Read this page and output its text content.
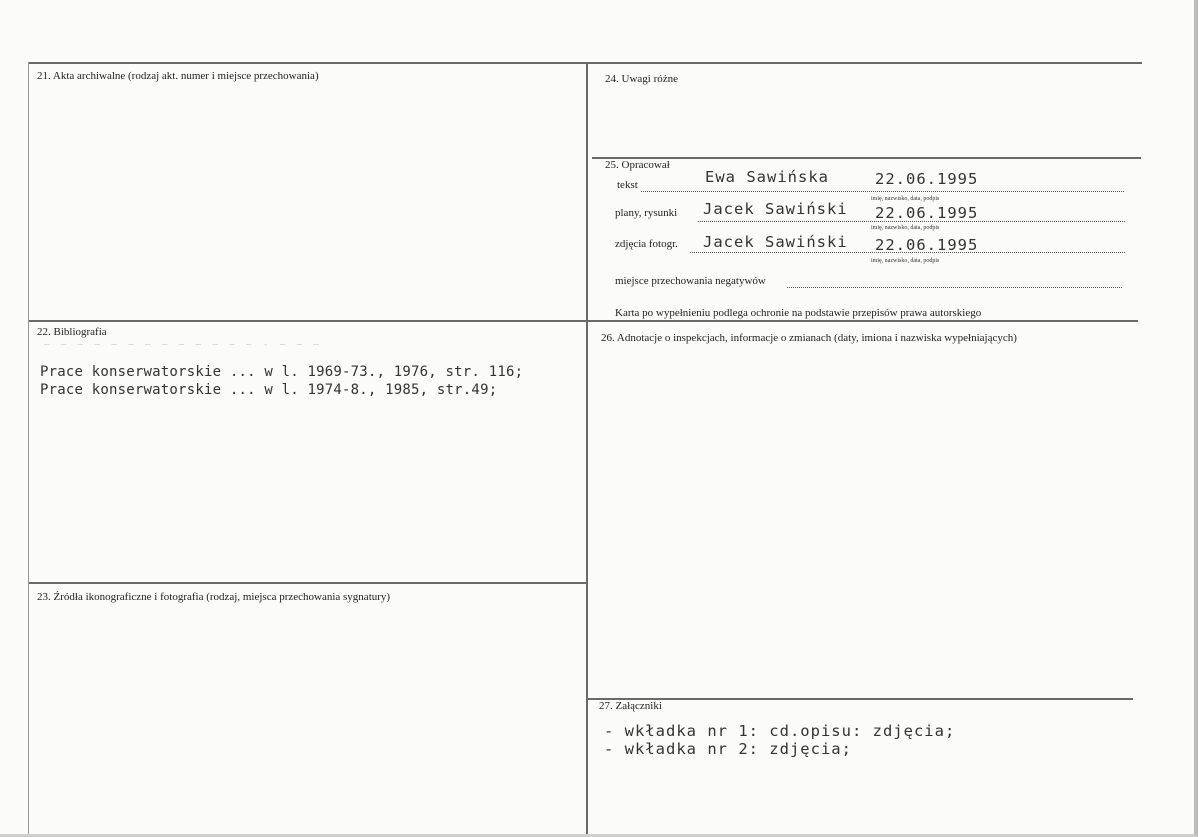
21. Akta archiwalne (rodzaj akt. numer i miejsce przechowania)
22. Bibliografia
— — — — — — — — — — — — — - — — —
Prace konserwatorskie ... w l. 1969-73., 1976, str. 116;
Prace konserwatorskie ... w l. 1974-8., 1985, str.49;
23. Źródła ikonograficzne i fotografia (rodzaj, miejsca przechowania sygnatury)
24. Uwagi różne
25. Opracował
tekst	Ewa Sawińska	22.06.1995
imię, nazwisko, data, podpis
plany, rysunki Jacek Sawiński 22.06.1995
imię, nazwisko, data, podpis
zdjęcia fotogr. Jacek Sawiński 22.06.1995
imię, nazwisko, data, podpis
miejsce przechowania negatywów
Karta po wypełnieniu podlega ochronie na podstawie przepisów prawa autorskiego
26. Adnotacje o inspekcjach, informacje o zmianach (daty, imiona i nazwiska wypełniających)
27. Załączniki
- wkładka nr 1: cd.opisu: zdjęcia;
- wkładka nr 2: zdjęcia;
